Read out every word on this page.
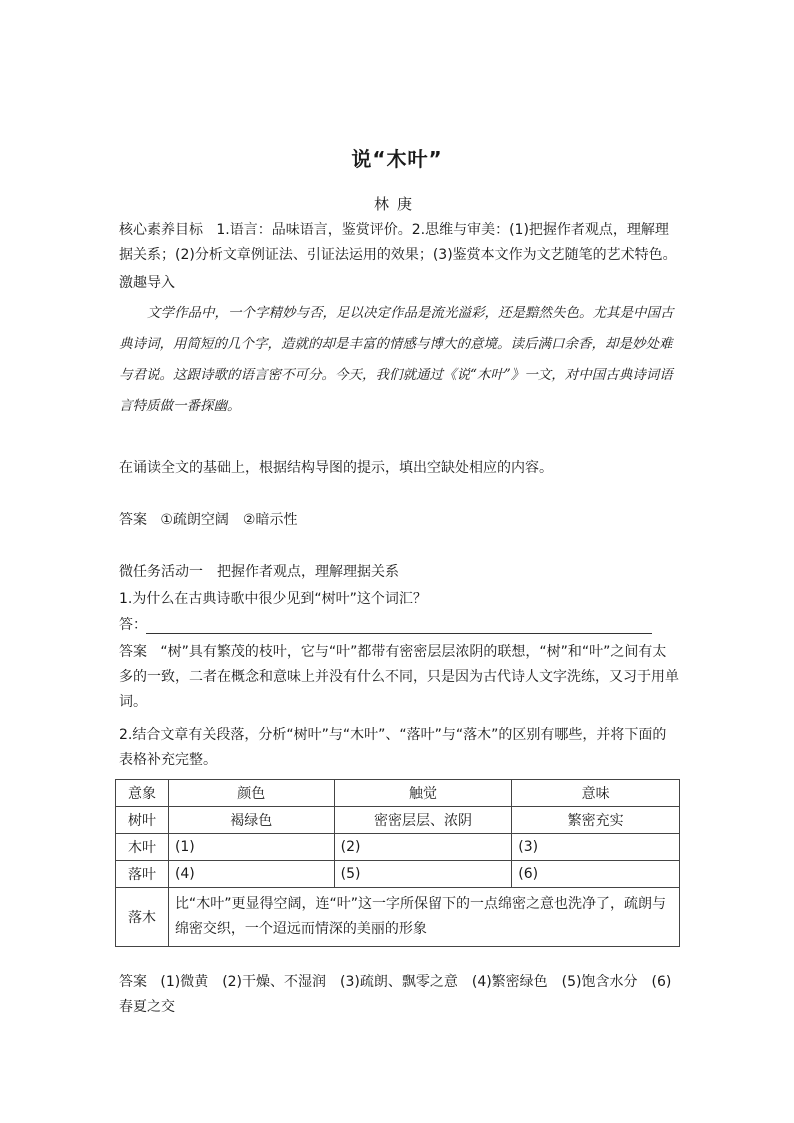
说“木叶”
林庚
核心素养目标 1.语言：品味语言，鉴赏评价。2.思维与审美：(1)把握作者观点，理解理据关系；(2)分析文章例证法、引证法运用的效果；(3)鉴赏本文作为文艺随笔的艺术特色。
激趣导入
文学作品中，一个字精妙与否，足以决定作品是流光溢彩，还是黯然失色。尤其是中国古典诗词，用简短的几个字，造就的却是丰富的情感与博大的意境。读后满口余香，却是妙处难与君说。这跟诗歌的语言密不可分。今天，我们就通过《说“木叶”》一文，对中国古典诗词语言特质做一番探幽。
在诵读全文的基础上，根据结构导图的提示，填出空缺处相应的内容。
答案 ①疏朗空阔　②暗示性
微任务活动一　把握作者观点，理解理据关系
1.为什么在古典诗歌中很少见到“树叶”这个词汇？
答：
答案 “树”具有繁茂的枝叶，它与“叶”都带有密密层层浓阴的联想，“树”和“叶”之间有太多的一致，二者在概念和意味上并没有什么不同，只是因为古代诗人文字洗练，又习于用单词。
2.结合文章有关段落，分析“树叶”与“木叶”、“落叶”与“落木”的区别有哪些，并将下面的表格补充完整。
意象	颜色	触觉	意味
树叶	褐绿色	密密层层、浓阴	繁密充实
木叶	(1)	(2)	(3)
落叶	(4)	(5)	(6)
落木	比“木叶”更显得空阔，连“叶”这一字所保留下的一点绵密之意也洗净了，疏朗与绵密交织，一个迢远而情深的美丽的形象		
答案 (1)微黄　(2)干燥、不湿润　(3)疏朗、飘零之意　(4)繁密绿色　(5)饱含水分　(6)春夏之交
